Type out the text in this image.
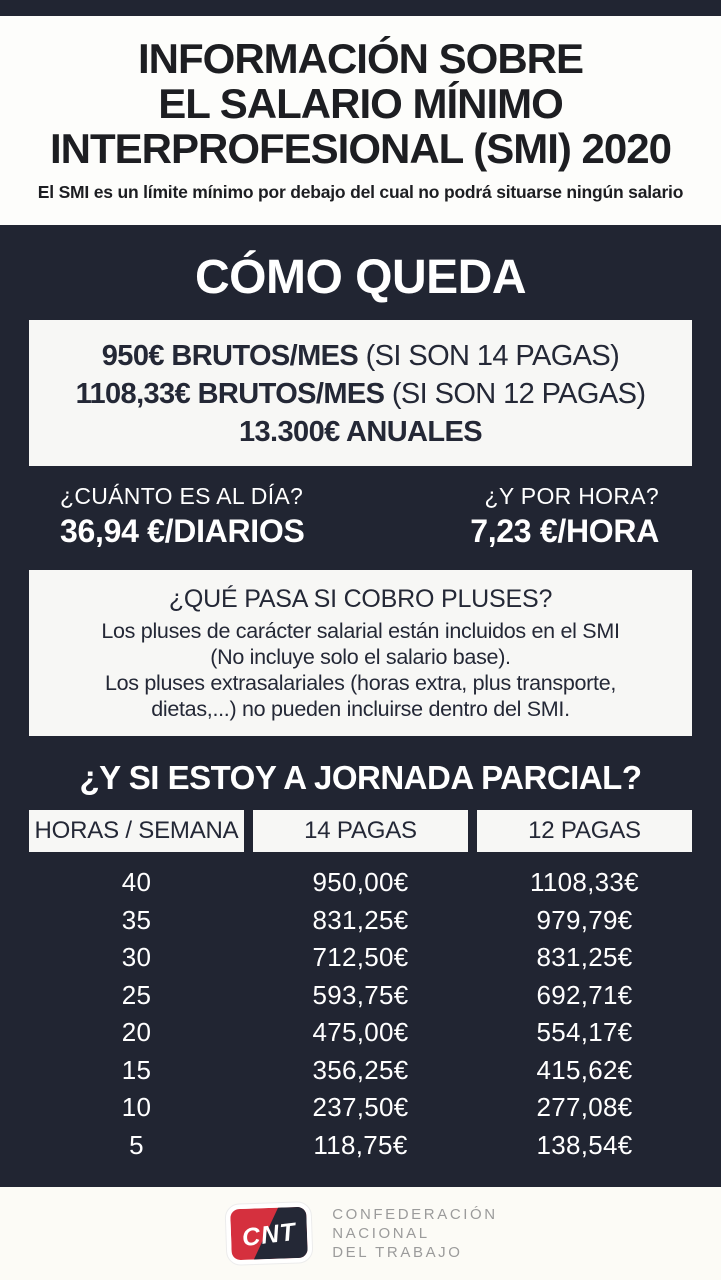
INFORMACIÓN SOBRE
EL SALARIO MÍNIMO
INTERPROFESIONAL (SMI) 2020

El SMI es un límite mínimo por debajo del cual no podrá situarse ningún salario

CÓMO QUEDA

950€ BRUTOS/MES (SI SON 14 PAGAS)

1108,33€ BRUTOS/MES (SI SON 12 PAGAS)

13.300€ ANUALES

¿CUÁNTO ES AL DÍA?

36,94 €/DIARIOS

¿Y POR HORA?

7,23 €/HORA

¿QUÉ PASA SI COBRO PLUSES?

Los pluses de carácter salarial están incluidos en el SMI

(No incluye solo el salario base).

Los pluses extrasalariales (horas extra, plus transporte,

dietas,...) no pueden incluirse dentro del SMI.

¿Y SI ESTOY A JORNADA PARCIAL?
HORAS / SEMANA	14 PAGAS	12 PAGAS
40	950,00€	1108,33€
35	831,25€	979,79€
30	712,50€	831,25€
25	593,75€	692,71€
20	475,00€	554,17€
15	356,25€	415,62€
10	237,50€	277,08€
5	118,75€	138,54€
CNT
CONFEDERACIÓN
NACIONAL
DEL TRABAJO
